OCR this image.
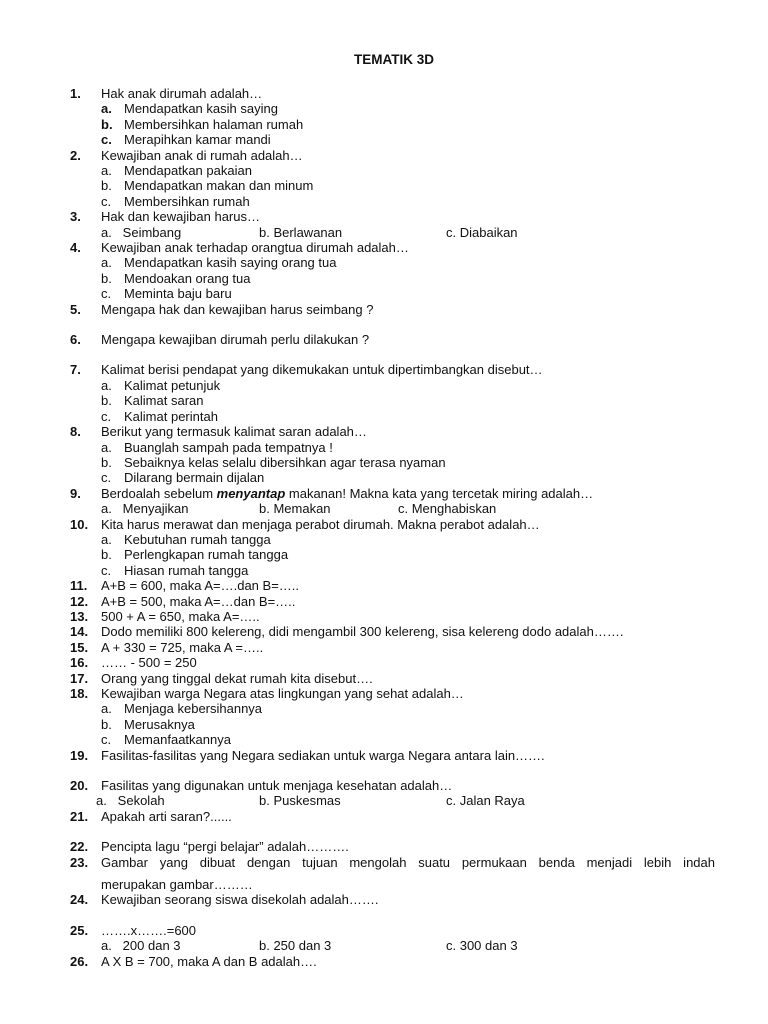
TEMATIK 3D
1. Hak anak dirumah adalah…
a. Mendapatkan kasih saying
b. Membersihkan halaman rumah
c. Merapihkan kamar mandi
2. Kewajiban anak di rumah adalah…
a. Mendapatkan pakaian
b. Mendapatkan makan dan minum
c. Membersihkan rumah
3. Hak dan kewajiban harus…
a.   Seimbang	b. Berlawanan	c. Diabaikan
4. Kewajiban anak terhadap orangtua dirumah adalah…
a. Mendapatkan kasih saying orang tua
b. Mendoakan orang tua
c. Meminta baju baru
5. Mengapa hak dan kewajiban harus seimbang ?
6. Mengapa kewajiban dirumah perlu dilakukan ?
7. Kalimat berisi pendapat yang dikemukakan untuk dipertimbangkan disebut…
a. Kalimat petunjuk
b. Kalimat saran
c. Kalimat perintah
8. Berikut yang termasuk kalimat saran adalah…
a. Buanglah sampah pada tempatnya !
b. Sebaiknya kelas selalu dibersihkan agar terasa nyaman
c. Dilarang bermain dijalan
9. Berdoalah sebelum menyantap makanan! Makna kata yang tercetak miring adalah…
a.   Menyajikan	b. Memakan	c. Menghabiskan
10. Kita harus merawat dan menjaga perabot dirumah. Makna perabot adalah…
a. Kebutuhan rumah tangga
b. Perlengkapan rumah tangga
c. Hiasan rumah tangga
11. A+B = 600, maka A=….dan B=…..
12. A+B = 500, maka A=…dan B=…..
13. 500 + A = 650, maka A=…..
14. Dodo memiliki 800 kelereng, didi mengambil 300 kelereng, sisa kelereng dodo adalah…….
15. A + 330 = 725, maka A =…..
16. …… - 500 = 250
17. Orang yang tinggal dekat rumah kita disebut….
18. Kewajiban warga Negara atas lingkungan yang sehat adalah…
a. Menjaga kebersihannya
b. Merusaknya
c. Memanfaatkannya
19. Fasilitas-fasilitas yang Negara sediakan untuk warga Negara antara lain…….
20. Fasilitas yang digunakan untuk menjaga kesehatan adalah…
a.   Sekolah	b. Puskesmas	c. Jalan Raya
21. Apakah arti saran?......
22. Pencipta lagu “pergi belajar” adalah……….
23. Gambar yang dibuat dengan tujuan mengolah suatu permukaan benda menjadi lebih indah
merupakan gambar………
24. Kewajiban seorang siswa disekolah adalah…….
25. …….x…….=600
a.   200 dan 3	b. 250 dan 3	c. 300 dan 3
26. A X B = 700, maka A dan B adalah….
